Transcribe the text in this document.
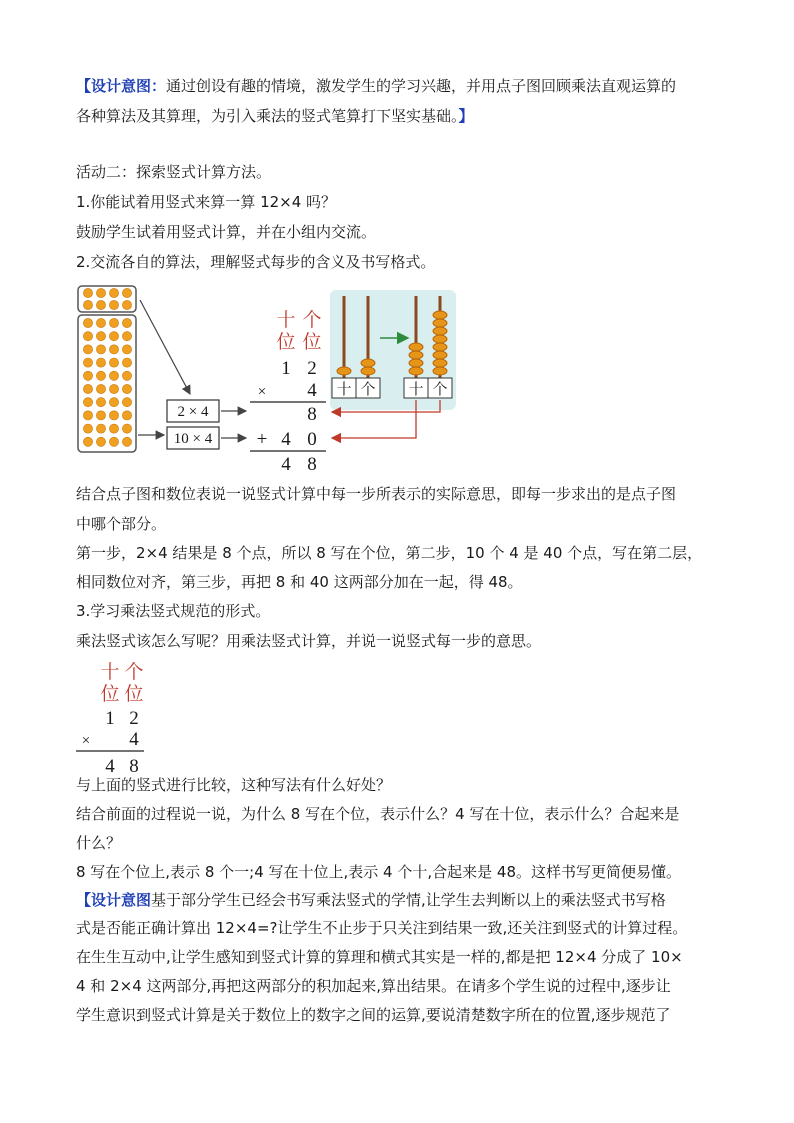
【设计意图：通过创设有趣的情境，激发学生的学习兴趣，并用点子图回顾乘法直观运算的
各种算法及其算理，为引入乘法的竖式笔算打下坚实基础。】
活动二：探索竖式计算方法。
1.你能试着用竖式来算一算 12×4 吗？
鼓励学生试着用竖式计算，并在小组内交流。
2.交流各自的算法，理解竖式每步的含义及书写格式。
2 × 4
10 × 4
十 个
位 位
1 2
× 4
8
+ 4 0
4 8
十 个 十 个
结合点子图和数位表说一说竖式计算中每一步所表示的实际意思，即每一步求出的是点子图
中哪个部分。
第一步，2×4 结果是 8 个点，所以 8 写在个位，第二步，10 个 4 是 40 个点，写在第二层，
相同数位对齐，第三步，再把 8 和 40 这两部分加在一起，得 48。
3.学习乘法竖式规范的形式。
乘法竖式该怎么写呢？用乘法竖式计算，并说一说竖式每一步的意思。
十 个
位 位
1 2
× 4
4 8
与上面的竖式进行比较，这种写法有什么好处？
结合前面的过程说一说，为什么 8 写在个位，表示什么？4 写在十位，表示什么？合起来是
什么？
8 写在个位上,表示 8 个一;4 写在十位上,表示 4 个十,合起来是 48。这样书写更简便易懂。
【设计意图基于部分学生已经会书写乘法竖式的学情,让学生去判断以上的乘法竖式书写格
式是否能正确计算出 12×4=?让学生不止步于只关注到结果一致,还关注到竖式的计算过程。
在生生互动中,让学生感知到竖式计算的算理和横式其实是一样的,都是把 12×4 分成了 10×
4 和 2×4 这两部分,再把这两部分的积加起来,算出结果。在请多个学生说的过程中,逐步让
学生意识到竖式计算是关于数位上的数字之间的运算,要说清楚数字所在的位置,逐步规范了
